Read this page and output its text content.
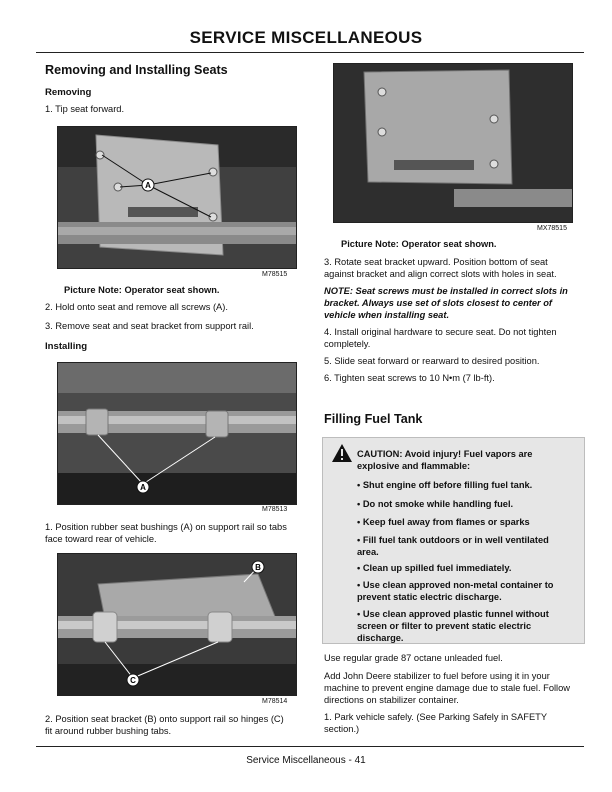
SERVICE MISCELLANEOUS
Removing and Installing Seats
Removing
1. Tip seat forward.
A
M78515
Picture Note: Operator seat shown.
2. Hold onto seat and remove all screws (A).
3. Remove seat and seat bracket from support rail.
Installing
A
M78513
1. Position rubber seat bushings (A) on support rail so tabs
face toward rear of vehicle.
B
C
M78514
2. Position seat bracket (B) onto support rail so hinges (C)
fit around rubber bushing tabs.
MX78515
Picture Note: Operator seat shown.
3. Rotate seat bracket upward. Position bottom of seat
against bracket and align correct slots with holes in seat.
NOTE: Seat screws must be installed in correct slots in
bracket. Always use set of slots closest to center of
vehicle when installing seat.
4. Install original hardware to secure seat. Do not tighten
completely.
5. Slide seat forward or rearward to desired position.
6. Tighten seat screws to 10 N•m (7 lb-ft).
Filling Fuel Tank
CAUTION: Avoid injury! Fuel vapors are
explosive and flammable:
• Shut engine off before filling fuel tank.
• Do not smoke while handling fuel.
• Keep fuel away from flames or sparks
• Fill fuel tank outdoors or in well ventilated
area.
• Clean up spilled fuel immediately.
• Use clean approved non-metal container to
prevent static electric discharge.
• Use clean approved plastic funnel without
screen or filter to prevent static electric
discharge.
Use regular grade 87 octane unleaded fuel.
Add John Deere stabilizer to fuel before using it in your
machine to prevent engine damage due to stale fuel. Follow
directions on stabilizer container.
1. Park vehicle safely. (See Parking Safely in SAFETY
section.)
Service Miscellaneous - 41
